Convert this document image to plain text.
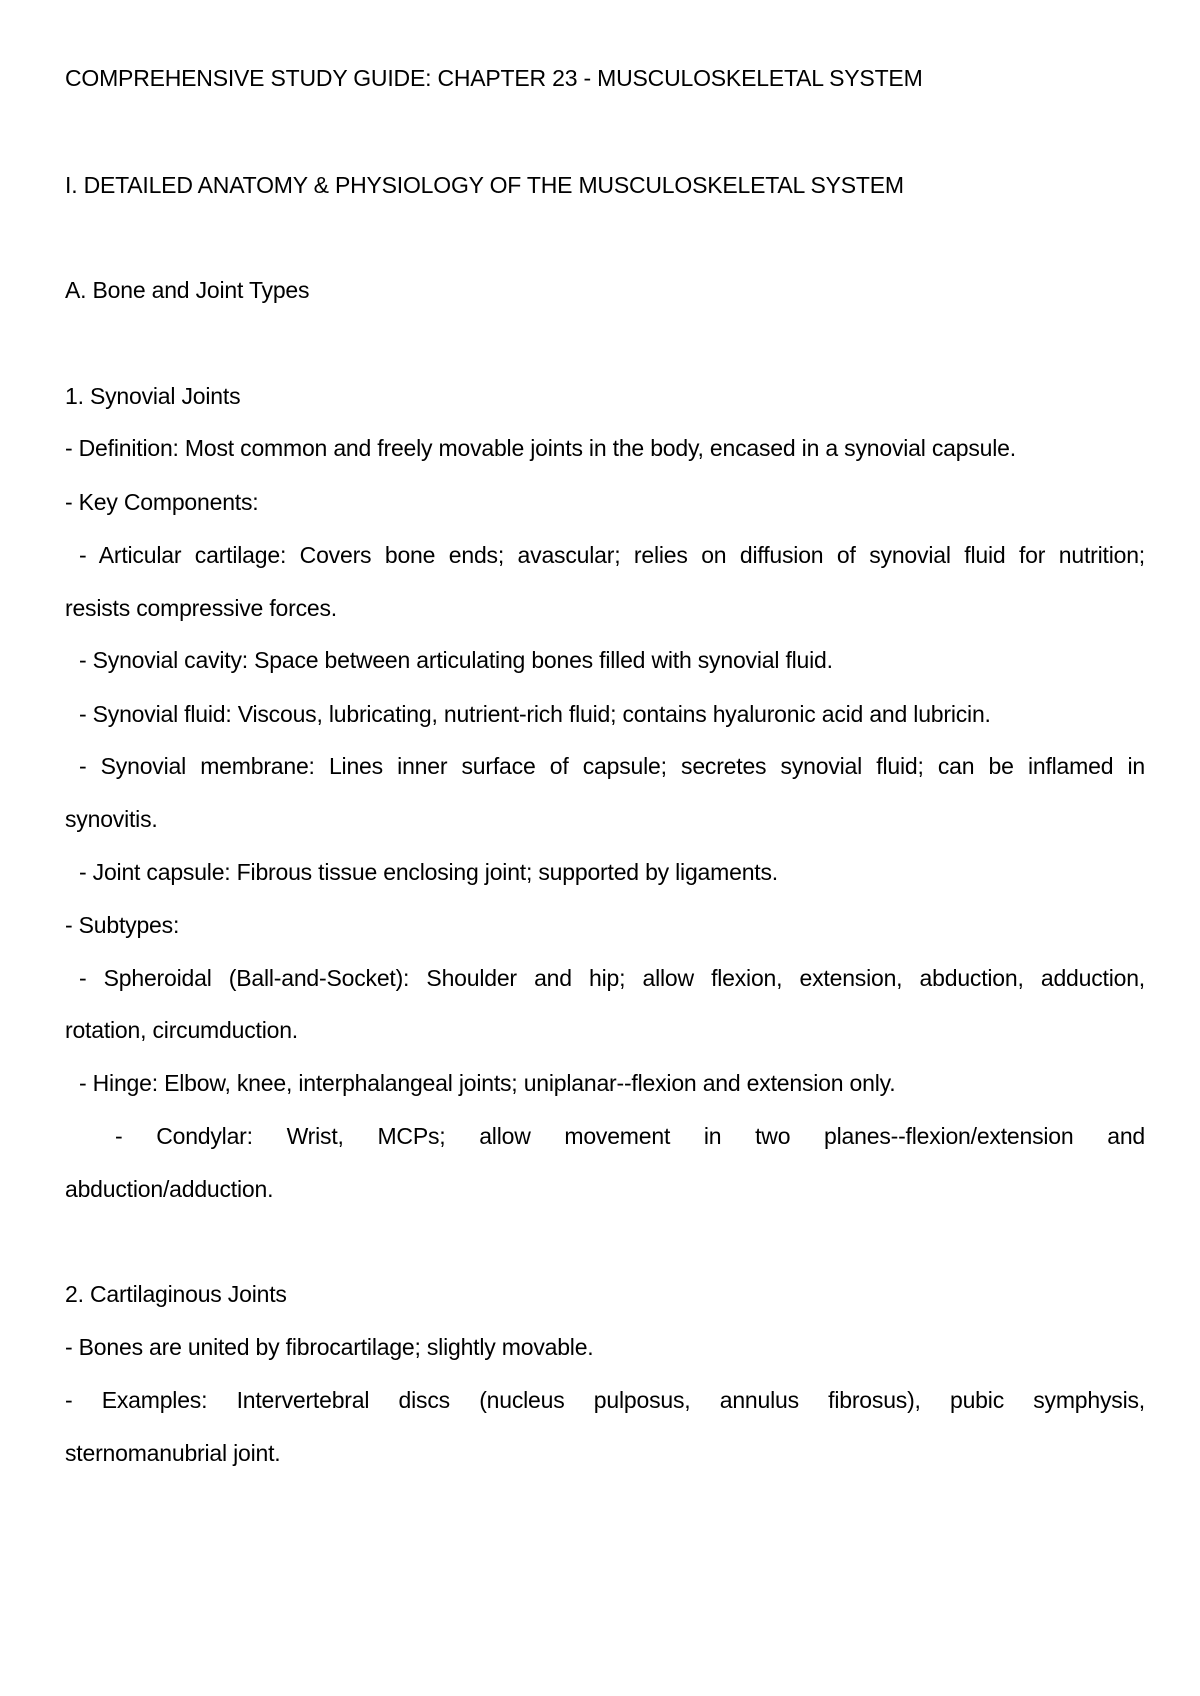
COMPREHENSIVE STUDY GUIDE: CHAPTER 23 - MUSCULOSKELETAL SYSTEM
I. DETAILED ANATOMY & PHYSIOLOGY OF THE MUSCULOSKELETAL SYSTEM
A. Bone and Joint Types
1. Synovial Joints
- Definition: Most common and freely movable joints in the body, encased in a synovial capsule.
- Key Components:
- Articular cartilage: Covers bone ends; avascular; relies on diffusion of synovial fluid for nutrition;
resists compressive forces.
- Synovial cavity: Space between articulating bones filled with synovial fluid.
- Synovial fluid: Viscous, lubricating, nutrient-rich fluid; contains hyaluronic acid and lubricin.
- Synovial membrane: Lines inner surface of capsule; secretes synovial fluid; can be inflamed in
synovitis.
- Joint capsule: Fibrous tissue enclosing joint; supported by ligaments.
- Subtypes:
- Spheroidal (Ball-and-Socket): Shoulder and hip; allow flexion, extension, abduction, adduction,
rotation, circumduction.
- Hinge: Elbow, knee, interphalangeal joints; uniplanar--flexion and extension only.
- Condylar: Wrist, MCPs; allow movement in two planes--flexion/extension and
abduction/adduction.
2. Cartilaginous Joints
- Bones are united by fibrocartilage; slightly movable.
- Examples: Intervertebral discs (nucleus pulposus, annulus fibrosus), pubic symphysis,
sternomanubrial joint.
